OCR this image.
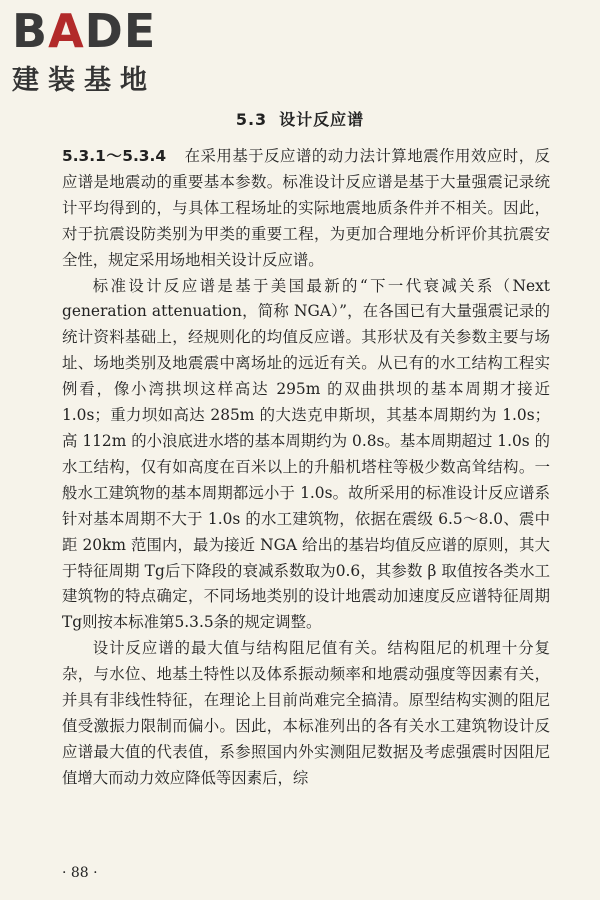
BADE
建装基地
5.3 设计反应谱

5.3.1～5.3.4 在采用基于反应谱的动力法计算地震作用效应时，反应谱是地震动的重要基本参数。标准设计反应谱是基于大量强震记录统计平均得到的，与具体工程场址的实际地震地质条件并不相关。因此，对于抗震设防类别为甲类的重要工程，为更加合理地分析评价其抗震安全性，规定采用场地相关设计反应谱。

标准设计反应谱是基于美国最新的“下一代衰减关系（Next generation attenuation，简称 NGA）”，在各国已有大量强震记录的统计资料基础上，经规则化的均值反应谱。其形状及有关参数主要与场址、场地类别及地震震中离场址的远近有关。从已有的水工结构工程实例看，像小湾拱坝这样高达 295m 的双曲拱坝的基本周期才接近 1.0s；重力坝如高达 285m 的大迭克申斯坝，其基本周期约为 1.0s；高 112m 的小浪底进水塔的基本周期约为 0.8s。基本周期超过 1.0s 的水工结构，仅有如高度在百米以上的升船机塔柱等极少数高耸结构。一般水工建筑物的基本周期都远小于 1.0s。故所采用的标准设计反应谱系针对基本周期不大于 1.0s 的水工建筑物，依据在震级 6.5～8.0、震中距 20km 范围内，最为接近 NGA 给出的基岩均值反应谱的原则，其大于特征周期 Tg后下降段的衰减系数取为0.6，其参数 β 取值按各类水工建筑物的特点确定，不同场地类别的设计地震动加速度反应谱特征周期 Tg则按本标准第5.3.5条的规定调整。

设计反应谱的最大值与结构阻尼值有关。结构阻尼的机理十分复杂，与水位、地基土特性以及体系振动频率和地震动强度等因素有关，并具有非线性特征，在理论上目前尚难完全搞清。原型结构实测的阻尼值受激振力限制而偏小。因此，本标准列出的各有关水工建筑物设计反应谱最大值的代表值，系参照国内外实测阻尼数据及考虑强震时因阻尼值增大而动力效应降低等因素后，综

· 88 ·
